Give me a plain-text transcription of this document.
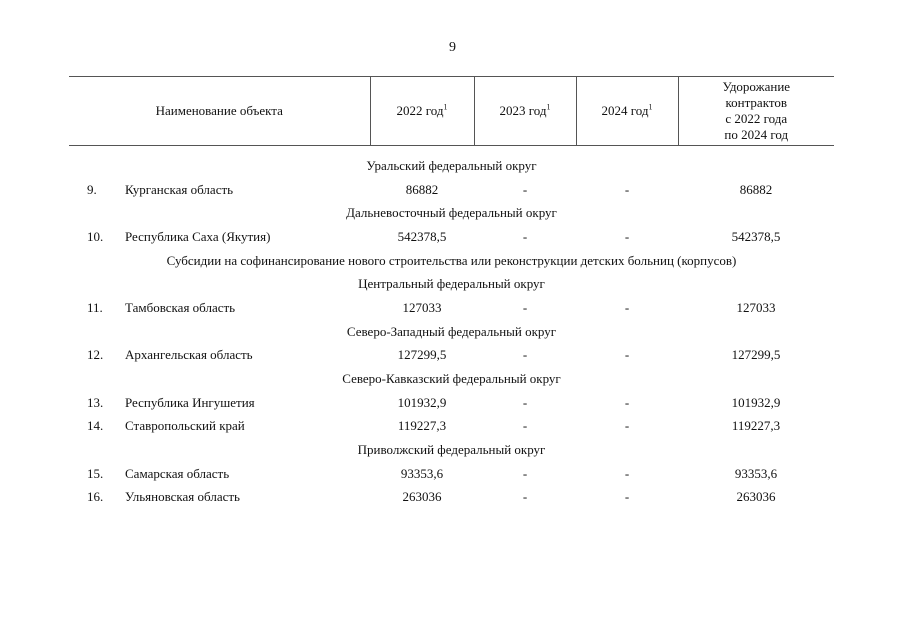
9
Наименование объекта	2022 год$^1$	2023 год$^1$	2024 год$^1$	Удорожание
контрактов
с 2022 года
по 2024 год

Уральский федеральный округ				
9. Курганская область	86882	-	-	86882
Дальневосточный федеральный округ				
10. Республика Саха (Якутия)	542378,5	-	-	542378,5
Субсидии на софинансирование нового строительства или реконструкции детских больниц (корпусов)				
Центральный федеральный округ				
11. Тамбовская область	127033	-	-	127033
Северо-Западный федеральный округ				
12. Архангельская область	127299,5	-	-	127299,5
Северо-Кавказский федеральный округ				
13. Республика Ингушетия	101932,9	-	-	101932,9
14. Ставропольский край	119227,3	-	-	119227,3
Приволжский федеральный округ				
15. Самарская область	93353,6	-	-	93353,6
16. Ульяновская область	263036	-	-	263036
